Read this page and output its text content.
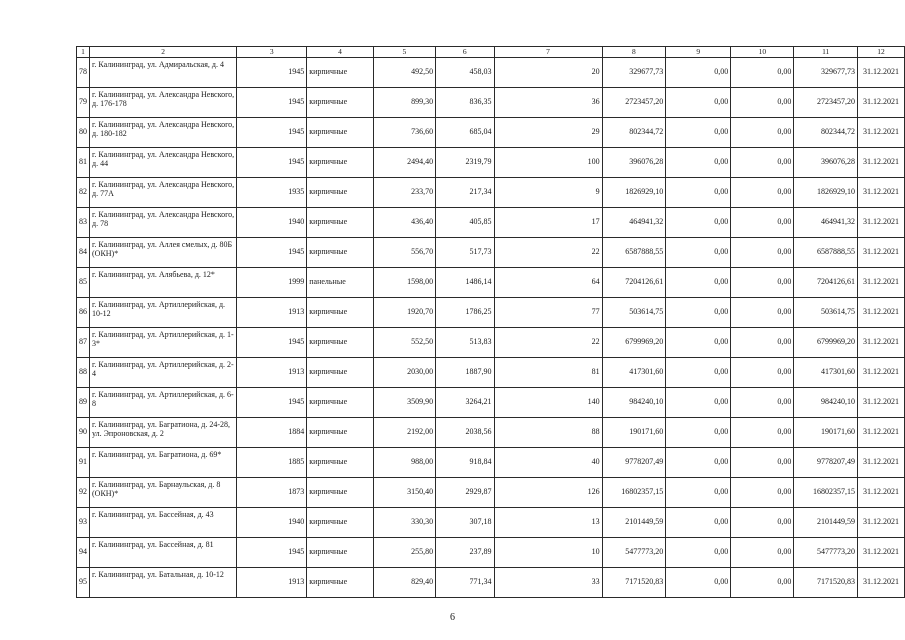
1	2	3	4	5	6	7	8	9	10	11	12
78	г. Калининград, ул. Адмиральская, д. 4	1945	кирпичные	492,50	458,03	20	329677,73	0,00	0,00	329677,73	31.12.2021
79	г. Калининград, ул. Александра Невского, д. 176-178	1945	кирпичные	899,30	836,35	36	2723457,20	0,00	0,00	2723457,20	31.12.2021
80	г. Калининград, ул. Александра Невского, д. 180-182	1945	кирпичные	736,60	685,04	29	802344,72	0,00	0,00	802344,72	31.12.2021
81	г. Калининград, ул. Александра Невского, д. 44	1945	кирпичные	2494,40	2319,79	100	396076,28	0,00	0,00	396076,28	31.12.2021
82	г. Калининград, ул. Александра Невского, д. 77А	1935	кирпичные	233,70	217,34	9	1826929,10	0,00	0,00	1826929,10	31.12.2021
83	г. Калининград, ул. Александра Невского, д. 78	1940	кирпичные	436,40	405,85	17	464941,32	0,00	0,00	464941,32	31.12.2021
84	г. Калининград, ул. Аллея смелых, д. 80Б (ОКН)*	1945	кирпичные	556,70	517,73	22	6587888,55	0,00	0,00	6587888,55	31.12.2021
85	г. Калининград, ул. Алябьева, д. 12*	1999	панельные	1598,00	1486,14	64	7204126,61	0,00	0,00	7204126,61	31.12.2021
86	г. Калининград, ул. Артиллерийская, д. 10-12	1913	кирпичные	1920,70	1786,25	77	503614,75	0,00	0,00	503614,75	31.12.2021
87	г. Калининград, ул. Артиллерийская, д. 1-3*	1945	кирпичные	552,50	513,83	22	6799969,20	0,00	0,00	6799969,20	31.12.2021
88	г. Калининград, ул. Артиллерийская, д. 2-4	1913	кирпичные	2030,00	1887,90	81	417301,60	0,00	0,00	417301,60	31.12.2021
89	г. Калининград, ул. Артиллерийская, д. 6-8	1945	кирпичные	3509,90	3264,21	140	984240,10	0,00	0,00	984240,10	31.12.2021
90	г. Калининград, ул. Багратиона, д. 24-28, ул. Эпроновская, д. 2	1884	кирпичные	2192,00	2038,56	88	190171,60	0,00	0,00	190171,60	31.12.2021
91	г. Калининград, ул. Багратиона, д. 69*	1885	кирпичные	988,00	918,84	40	9778207,49	0,00	0,00	9778207,49	31.12.2021
92	г. Калининград, ул. Барнаульская, д. 8 (ОКН)*	1873	кирпичные	3150,40	2929,87	126	16802357,15	0,00	0,00	16802357,15	31.12.2021
93	г. Калининград, ул. Бассейная, д. 43	1940	кирпичные	330,30	307,18	13	2101449,59	0,00	0,00	2101449,59	31.12.2021
94	г. Калининград, ул. Бассейная, д. 81	1945	кирпичные	255,80	237,89	10	5477773,20	0,00	0,00	5477773,20	31.12.2021
95	г. Калининград, ул. Батальная, д. 10-12	1913	кирпичные	829,40	771,34	33	7171520,83	0,00	0,00	7171520,83	31.12.2021
6
